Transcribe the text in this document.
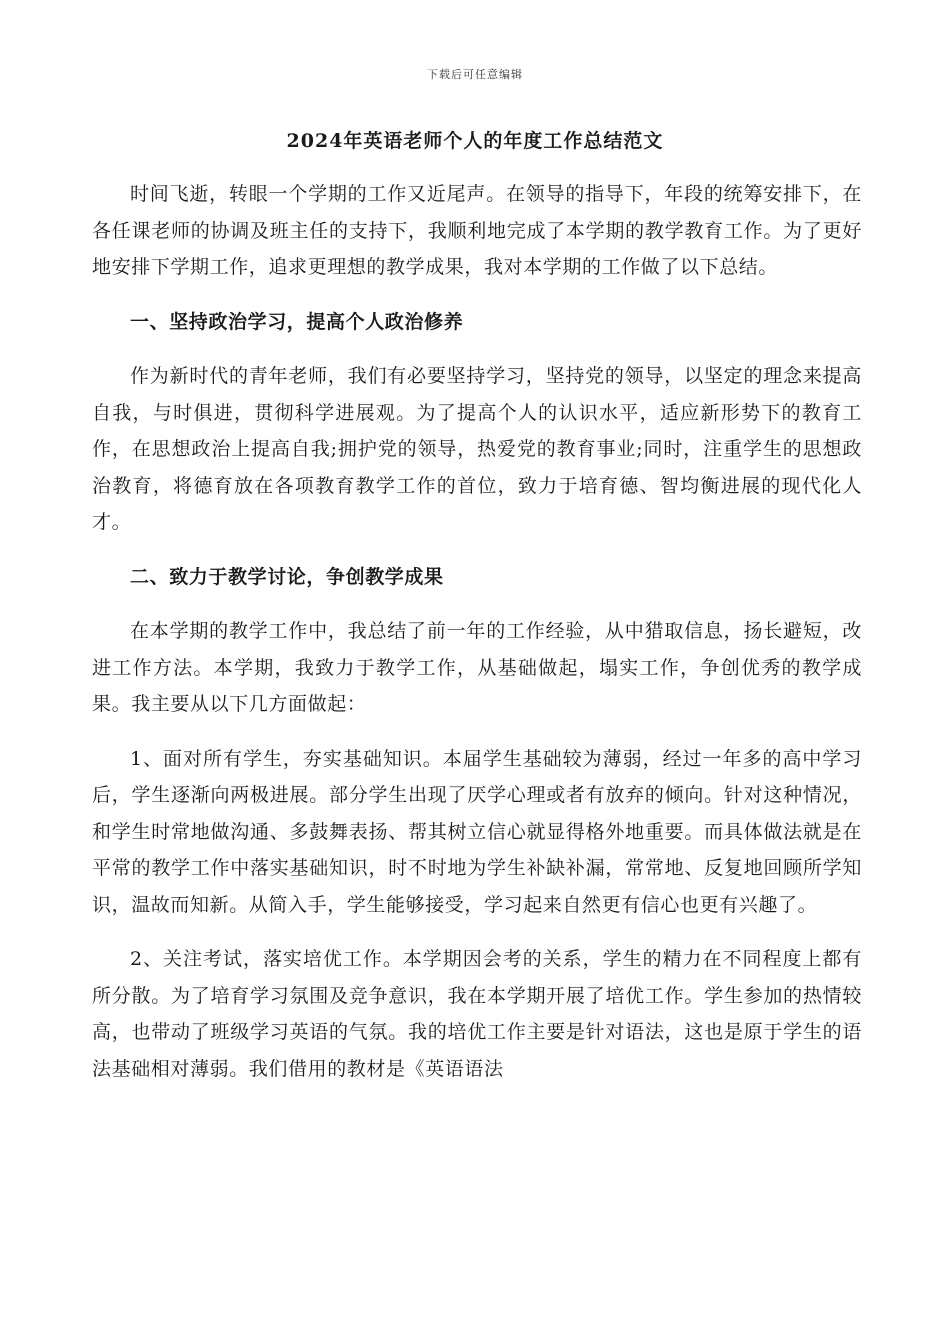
下载后可任意编辑
2024年英语老师个人的年度工作总结范文

时间飞逝，转眼一个学期的工作又近尾声。在领导的指导下，年段的统筹安排下，在各任课老师的协调及班主任的支持下，我顺利地完成了本学期的教学教育工作。为了更好地安排下学期工作，追求更理想的教学成果，我对本学期的工作做了以下总结。

一、坚持政治学习，提高个人政治修养

作为新时代的青年老师，我们有必要坚持学习，坚持党的领导，以坚定的理念来提高自我，与时俱进，贯彻科学进展观。为了提高个人的认识水平，适应新形势下的教育工作，在思想政治上提高自我;拥护党的领导，热爱党的教育事业;同时，注重学生的思想政治教育，将德育放在各项教育教学工作的首位，致力于培育德、智均衡进展的现代化人才。

二、致力于教学讨论，争创教学成果

在本学期的教学工作中，我总结了前一年的工作经验，从中猎取信息，扬长避短，改进工作方法。本学期，我致力于教学工作，从基础做起，塌实工作，争创优秀的教学成果。我主要从以下几方面做起：

1、面对所有学生，夯实基础知识。本届学生基础较为薄弱，经过一年多的高中学习后，学生逐渐向两极进展。部分学生出现了厌学心理或者有放弃的倾向。针对这种情况，和学生时常地做沟通、多鼓舞表扬、帮其树立信心就显得格外地重要。而具体做法就是在平常的教学工作中落实基础知识，时不时地为学生补缺补漏，常常地、反复地回顾所学知识，温故而知新。从简入手，学生能够接受，学习起来自然更有信心也更有兴趣了。

2、关注考试，落实培优工作。本学期因会考的关系，学生的精力在不同程度上都有所分散。为了培育学习氛围及竞争意识，我在本学期开展了培优工作。学生参加的热情较高，也带动了班级学习英语的气氛。我的培优工作主要是针对语法，这也是原于学生的语法基础相对薄弱。我们借用的教材是《英语语法
